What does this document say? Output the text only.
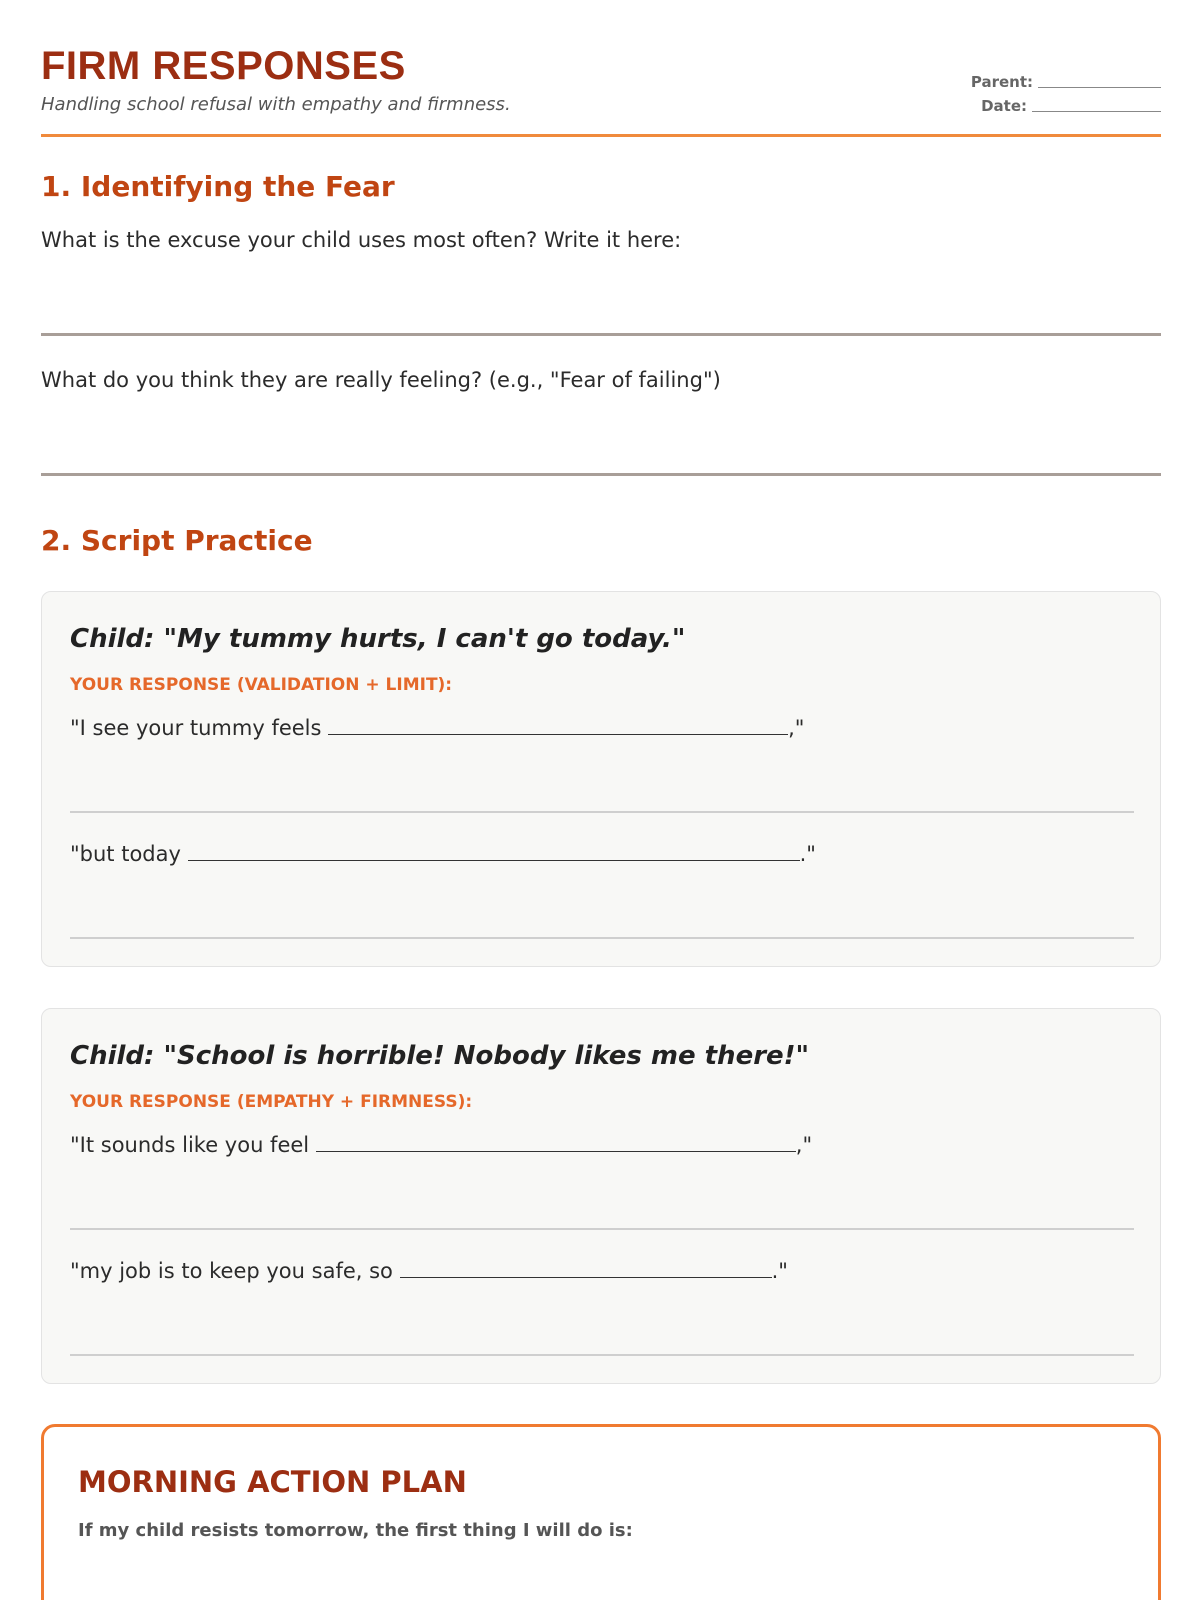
FIRM RESPONSES
Handling school refusal with empathy and firmness.
Parent:
Date:
1. Identifying the Fear
What is the excuse your child uses most often? Write it here:
What do you think they are really feeling? (e.g., "Fear of failing")
2. Script Practice
Child: "My tummy hurts, I can't go today."
YOUR RESPONSE (VALIDATION + LIMIT):
"I see your tummy feels	,"
"but today	."
Child: "School is horrible! Nobody likes me there!"
YOUR RESPONSE (EMPATHY + FIRMNESS):
"It sounds like you feel	,"
"my job is to keep you safe, so	."
MORNING ACTION PLAN
If my child resists tomorrow, the first thing I will do is:
